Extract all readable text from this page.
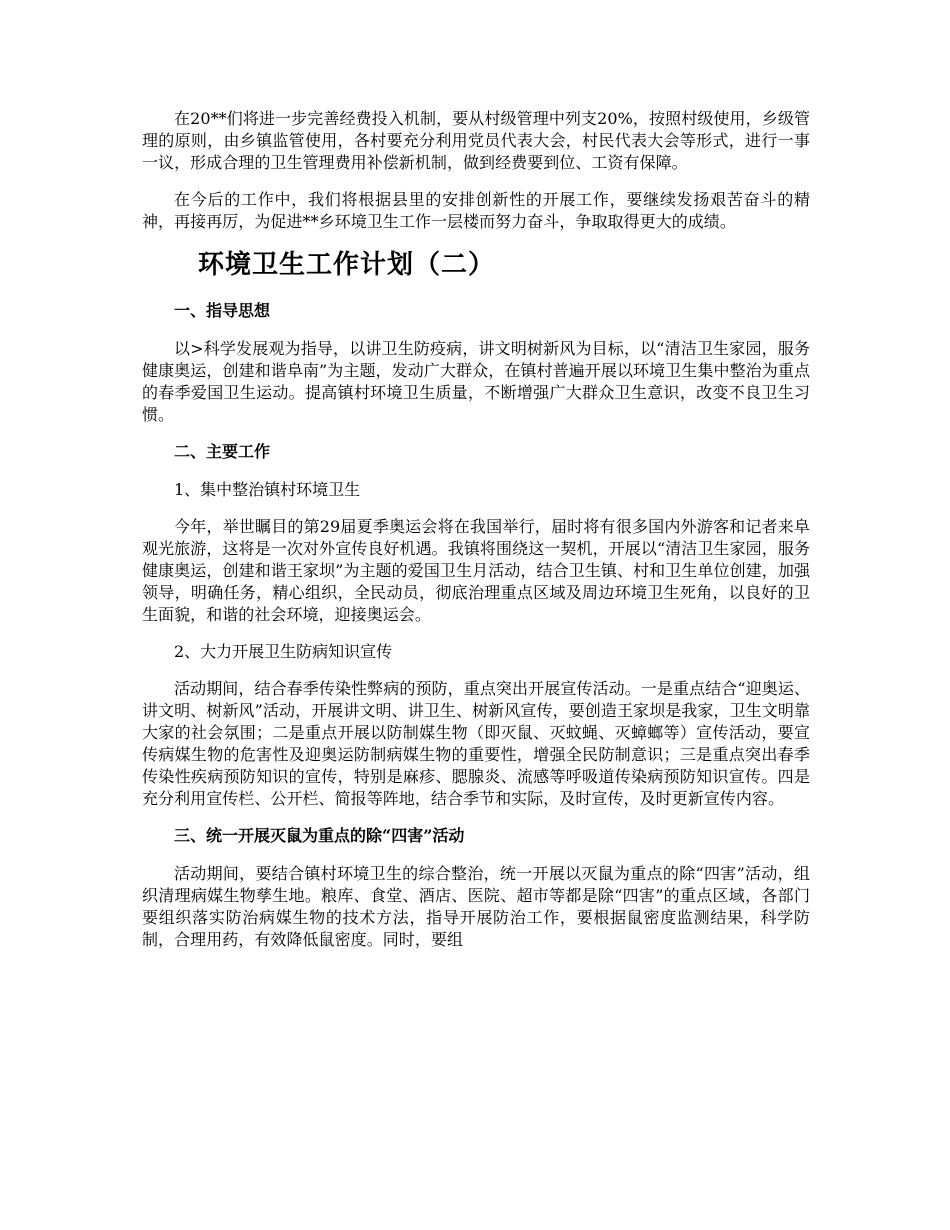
在20**们将进一步完善经费投入机制，要从村级管理中列支20%，按照村级使用，乡级管理的原则，由乡镇监管使用，各村要充分利用党员代表大会，村民代表大会等形式，进行一事一议，形成合理的卫生管理费用补偿新机制，做到经费要到位、工资有保障。

在今后的工作中，我们将根据县里的安排创新性的开展工作，要继续发扬艰苦奋斗的精神，再接再厉，为促进**乡环境卫生工作一层楼而努力奋斗，争取取得更大的成绩。

环境卫生工作计划（二）
一、指导思想

以>科学发展观为指导，以讲卫生防疫病，讲文明树新风为目标，以“清洁卫生家园，服务健康奥运，创建和谐阜南”为主题，发动广大群众，在镇村普遍开展以环境卫生集中整治为重点的春季爱国卫生运动。提高镇村环境卫生质量，不断增强广大群众卫生意识，改变不良卫生习惯。

二、主要工作

1、集中整治镇村环境卫生

今年，举世瞩目的第29届夏季奥运会将在我国举行，届时将有很多国内外游客和记者来阜观光旅游，这将是一次对外宣传良好机遇。我镇将围绕这一契机，开展以“清洁卫生家园，服务健康奥运，创建和谐王家坝”为主题的爱国卫生月活动，结合卫生镇、村和卫生单位创建，加强领导，明确任务，精心组织，全民动员，彻底治理重点区域及周边环境卫生死角，以良好的卫生面貌，和谐的社会环境，迎接奥运会。

2、大力开展卫生防病知识宣传

活动期间，结合春季传染性弊病的预防，重点突出开展宣传活动。一是重点结合“迎奥运、讲文明、树新风”活动，开展讲文明、讲卫生、树新风宣传，要创造王家坝是我家，卫生文明靠大家的社会氛围；二是重点开展以防制媒生物（即灭鼠、灭蚊蝇、灭蟑螂等）宣传活动，要宣传病媒生物的危害性及迎奥运防制病媒生物的重要性，增强全民防制意识；三是重点突出春季传染性疾病预防知识的宣传，特别是麻疹、腮腺炎、流感等呼吸道传染病预防知识宣传。四是充分利用宣传栏、公开栏、简报等阵地，结合季节和实际，及时宣传，及时更新宣传内容。

三、统一开展灭鼠为重点的除“四害”活动

活动期间，要结合镇村环境卫生的综合整治，统一开展以灭鼠为重点的除“四害”活动，组织清理病媒生物孳生地。粮库、食堂、酒店、医院、超市等都是除“四害”的重点区域，各部门要组织落实防治病媒生物的技术方法，指导开展防治工作，要根据鼠密度监测结果，科学防制，合理用药，有效降低鼠密度。同时，要组
